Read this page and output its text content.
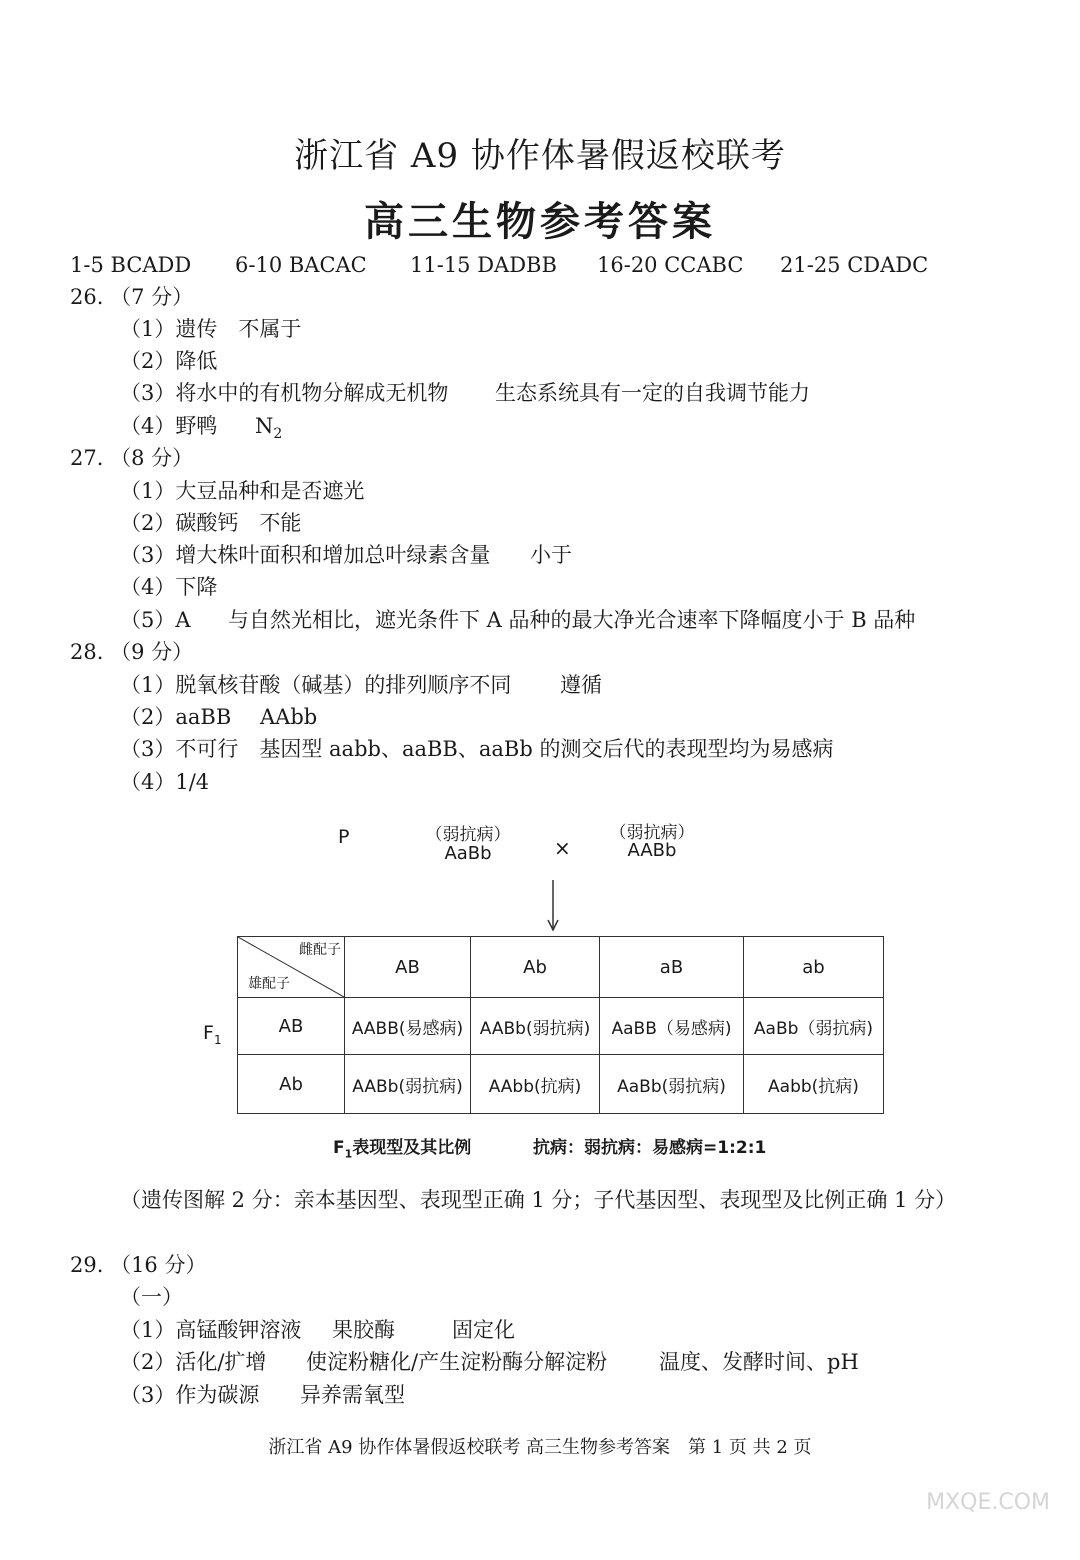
浙江省 A9 协作体暑假返校联考
高三生物参考答案
1-5 BCADD 6-10 BACAC 11-15 DADBB 16-20 CCABC 21-25 CDADC
26. （7 分）
（1）遗传　不属于
（2）降低
（3）将水中的有机物分解成无机物 生态系统具有一定的自我调节能力
（4）野鸭 $N_2$
27. （8 分）
（1）大豆品种和是否遮光
（2）碳酸钙　不能
（3）增大株叶面积和增加总叶绿素含量 小于
（4）下降
（5）A 与自然光相比，遮光条件下 A 品种的最大净光合速率下降幅度小于 B 品种
28. （9 分）
（1）脱氧核苷酸（碱基）的排列顺序不同 遵循
（2）aaBB AAbb
（3）不可行　基因型 aabb、aaBB、aaBb 的测交后代的表现型均为易感病
（4）1/4
P	（弱抗病）
AaBb	×
（弱抗病）
AABb
$F_1$
雌配子
雄配子	AB	Ab	aB	ab
AB	AABB(易感病)	AABb(弱抗病)	AaBB（易感病)	AaBb（弱抗病)
Ab	AABb(弱抗病)	AAbb(抗病)	AaBb(弱抗病)	Aabb(抗病)
$F_1$表现型及其比例	抗病：弱抗病：易感病=1:2:1
（遗传图解 2 分：亲本基因型、表现型正确 1 分；子代基因型、表现型及比例正确 1 分）
29. （16 分）
（一）
（1）高锰酸钾溶液 果胶酶	固定化
（2）活化/扩增 使淀粉糖化/产生淀粉酶分解淀粉 温度、发酵时间、pH
（3）作为碳源 异养需氧型
浙江省 A9 协作体暑假返校联考 高三生物参考答案　第 1 页 共 2 页
MXQE.COM
